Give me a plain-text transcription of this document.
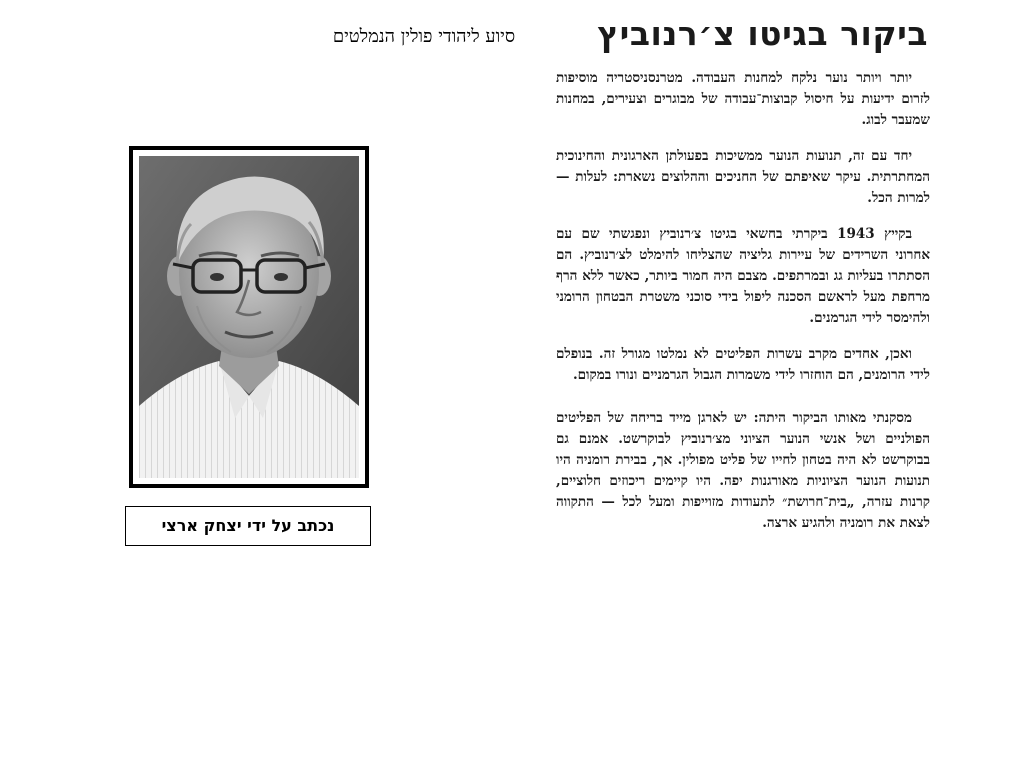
סיוע ליהודי פולין הנמלטים
נכתב על ידי יצחק ארצי
ביקור בגיטו צ׳רנוביץ

יותר ויותר נוער נלקח למחנות העבודה. מטרנסניסטריה מוסיפות לזרום ידיעות על חיסול קבוצות־עבודה של מבוגרים וצעירים, במחנות שמעבר לבוג.

יחד עם זה, תנועות הנוער ממשיכות בפעולתן הארגונית והחינוכית המחתרתית. עיקר שאיפתם של החניכים וההלוצים נשארת: לעלות — למרות הכל.

בקייץ 1943 ביקרתי בחשאי בגיטו צ׳רנוביץ ונפגשתי שם עם אחרוני השרידים של עיירות גליציה שהצליחו להימלט לצ׳רנוביץ. הם הסתתרו בעליות גג ובמרתפים. מצבם היה חמור ביותר, כאשר ללא הרף מרחפת מעל לראשם הסכנה ליפול בידי סוכני משטרת הבטחון הרומני ולהימסר לידי הגרמנים.

ואכן, אחדים מקרב עשרות הפליטים לא נמלטו מגורל זה. בנופלם לידי הרומנים, הם הוחזרו לידי משמרות הגבול הגרמניים ונורו במקום.

מסקנתי מאותו הביקור היתה: יש לארגן מייד בריחה של הפליטים הפולניים ושל אנשי הנוער הציוני מצ׳רנוביץ לבוקרשט. אמנם גם בבוקרשט לא היה בטחון לחייו של פליט מפולין. אך, בבירת רומניה היו תנועות הנוער הציוניות מאורגנות יפה. היו קיימים ריכוזים חלוציים, קרנות עזרה, „בית־חרושת״ לתעודות מזוייפות ומעל לכל — התקווה לצאת את רומניה ולהגיע ארצה.
